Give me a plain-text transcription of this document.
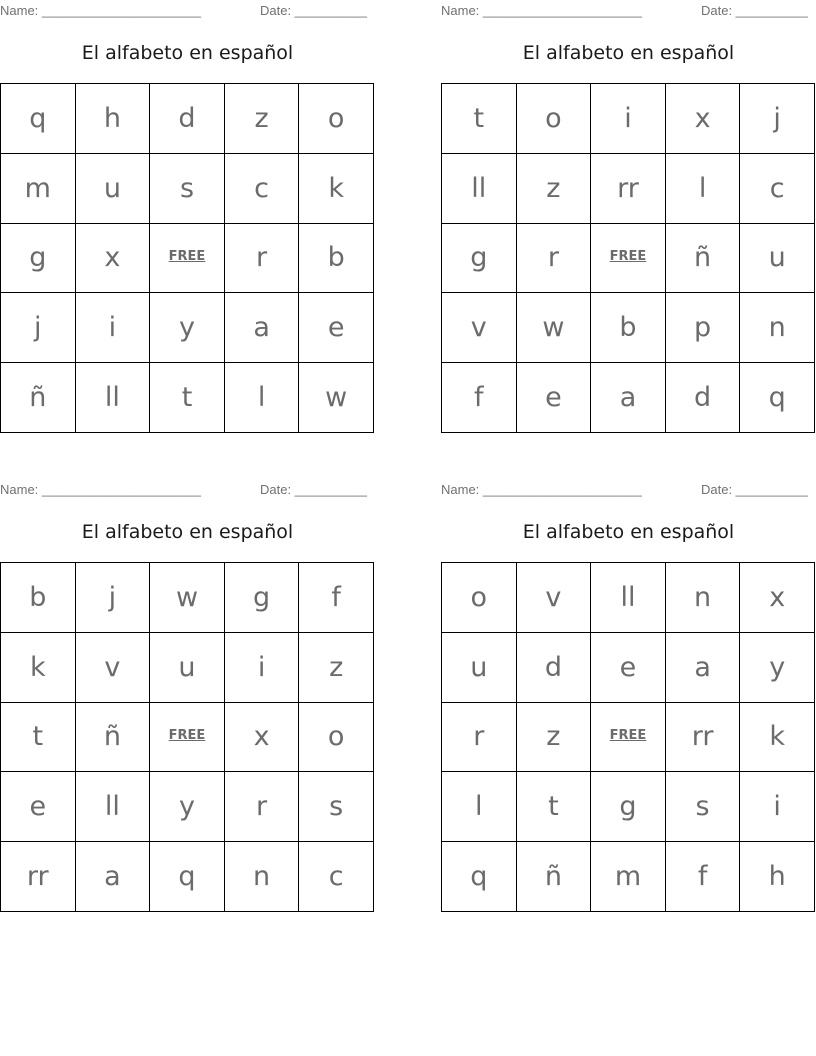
Name: ______________________	Date: __________
El alfabeto en español
q	h	d	z	o
m	u	s	c	k
g	x	FREE	r	b
j	i	y	a	e
ñ	ll	t	l	w
Name: ______________________	Date: __________
El alfabeto en español
t	o	i	x	j
ll	z	rr	l	c
g	r	FREE	ñ	u
v	w	b	p	n
f	e	a	d	q
Name: ______________________	Date: __________
El alfabeto en español
b	j	w	g	f
k	v	u	i	z
t	ñ	FREE	x	o
e	ll	y	r	s
rr	a	q	n	c
Name: ______________________	Date: __________
El alfabeto en español
o	v	ll	n	x
u	d	e	a	y
r	z	FREE	rr	k
l	t	g	s	i
q	ñ	m	f	h
